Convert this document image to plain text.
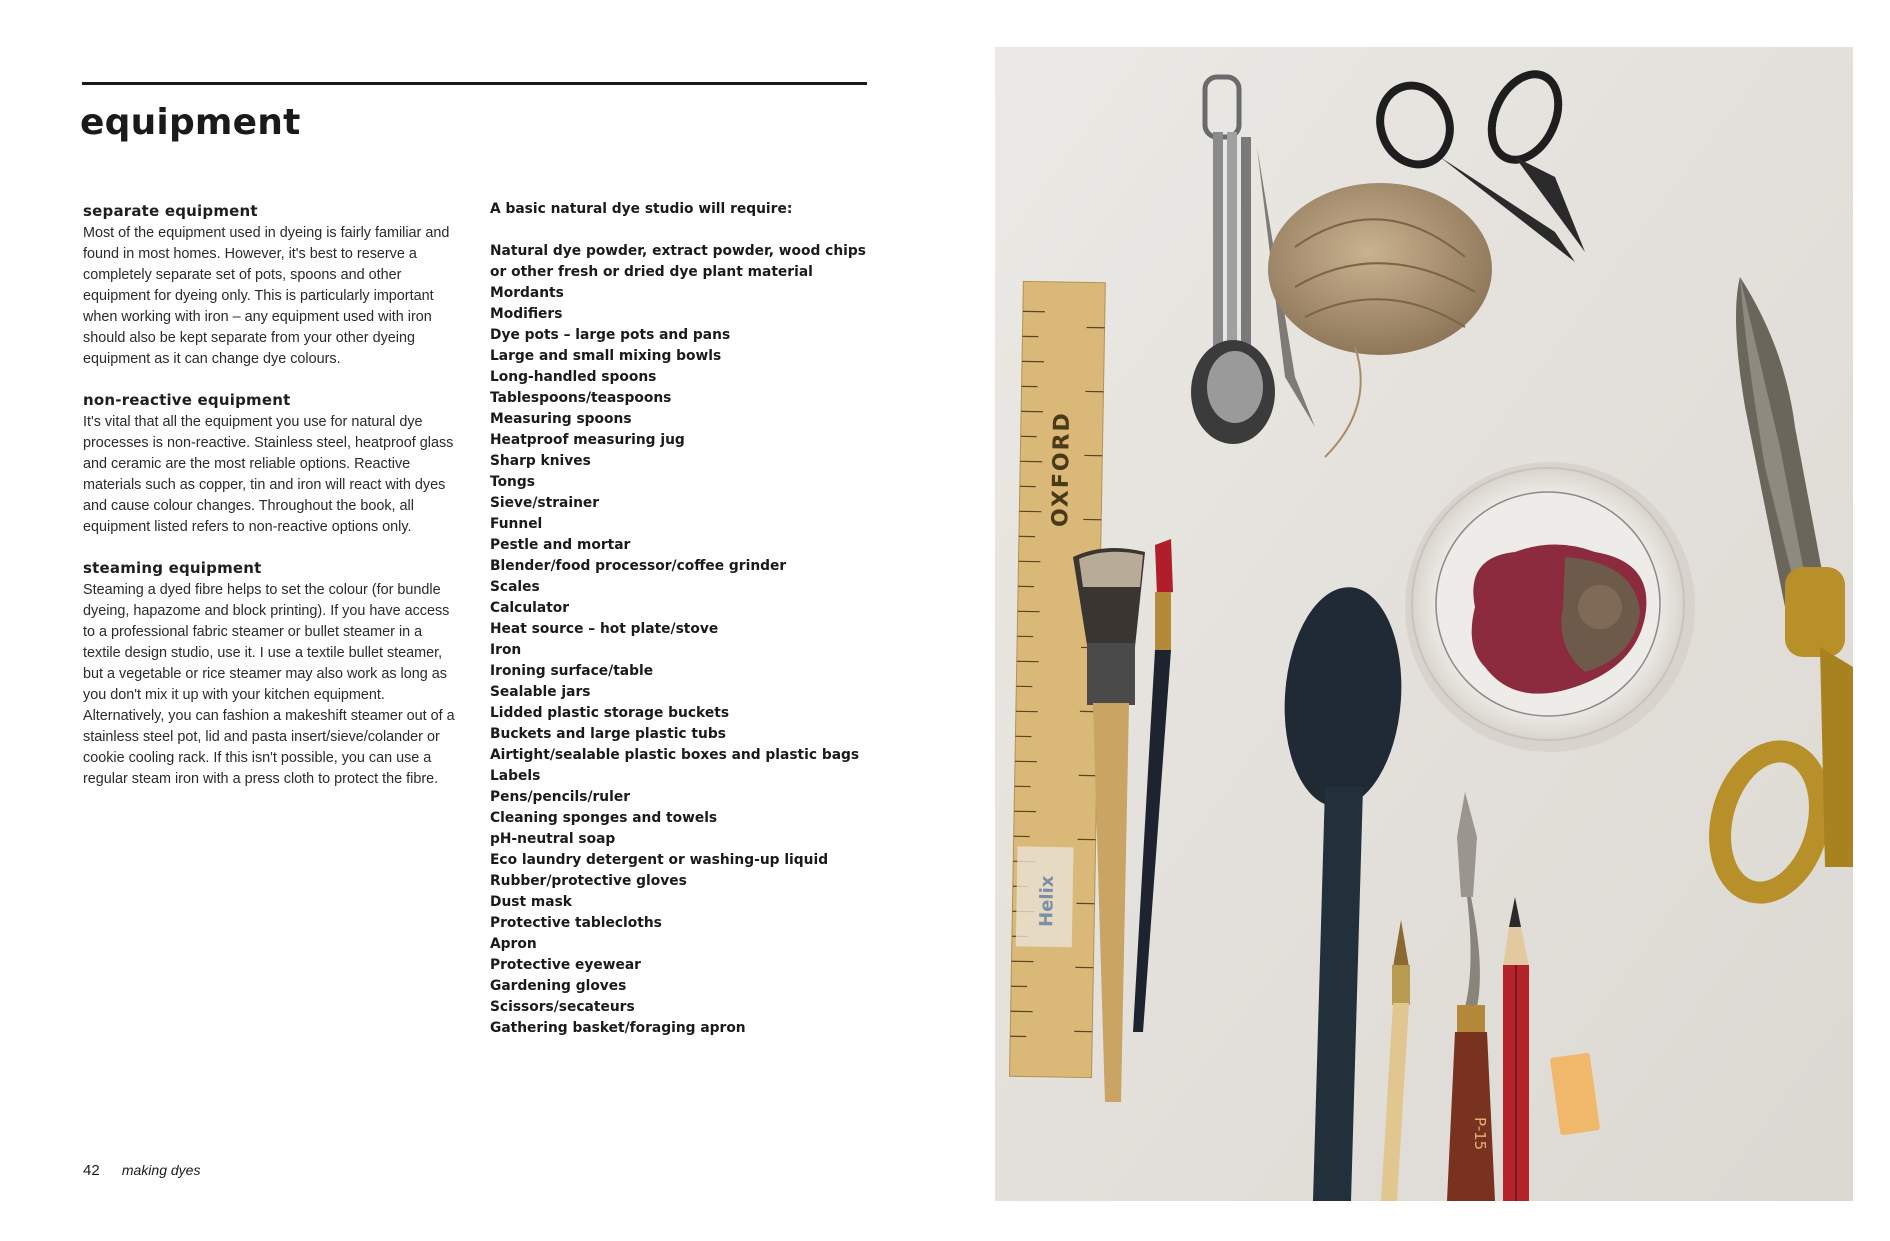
equipment
separate equipment

Most of the equipment used in dyeing is fairly familiar and found in most homes. However, it's best to reserve a completely separate set of pots, spoons and other equipment for dyeing only. This is particularly important when working with iron – any equipment used with iron should also be kept separate from your other dyeing equipment as it can change dye colours.

non-reactive equipment

It's vital that all the equipment you use for natural dye processes is non-reactive. Stainless steel, heatproof glass and ceramic are the most reliable options. Reactive materials such as copper, tin and iron will react with dyes and cause colour changes. Throughout the book, all equipment listed refers to non-reactive options only.

steaming equipment

Steaming a dyed fibre helps to set the colour (for bundle dyeing, hapazome and block printing). If you have access to a professional fabric steamer or bullet steamer in a textile design studio, use it. I use a textile bullet steamer, but a vegetable or rice steamer may also work as long as you don't mix it up with your kitchen equipment. Alternatively, you can fashion a makeshift steamer out of a stainless steel pot, lid and pasta insert/sieve/colander or cookie cooling rack. If this isn't possible, you can use a regular steam iron with a press cloth to protect the fibre.

A basic natural dye studio will require:
Natural dye powder, extract powder, wood chips or other fresh or dried dye plant material
Mordants
Modifiers
Dye pots – large pots and pans
Large and small mixing bowls
Long-handled spoons
Tablespoons/teaspoons
Measuring spoons
Heatproof measuring jug
Sharp knives
Tongs
Sieve/strainer
Funnel
Pestle and mortar
Blender/food processor/coffee grinder
Scales
Calculator
Heat source – hot plate/stove
Iron
Ironing surface/table
Sealable jars
Lidded plastic storage buckets
Buckets and large plastic tubs
Airtight/sealable plastic boxes and plastic bags
Labels
Pens/pencils/ruler
Cleaning sponges and towels
pH-neutral soap
Eco laundry detergent or washing-up liquid
Rubber/protective gloves
Dust mask
Protective tablecloths
Apron
Protective eyewear
Gardening gloves
Scissors/secateurs
Gathering basket/foraging apron
42 making dyes
OXFORD
Helix
P-15
